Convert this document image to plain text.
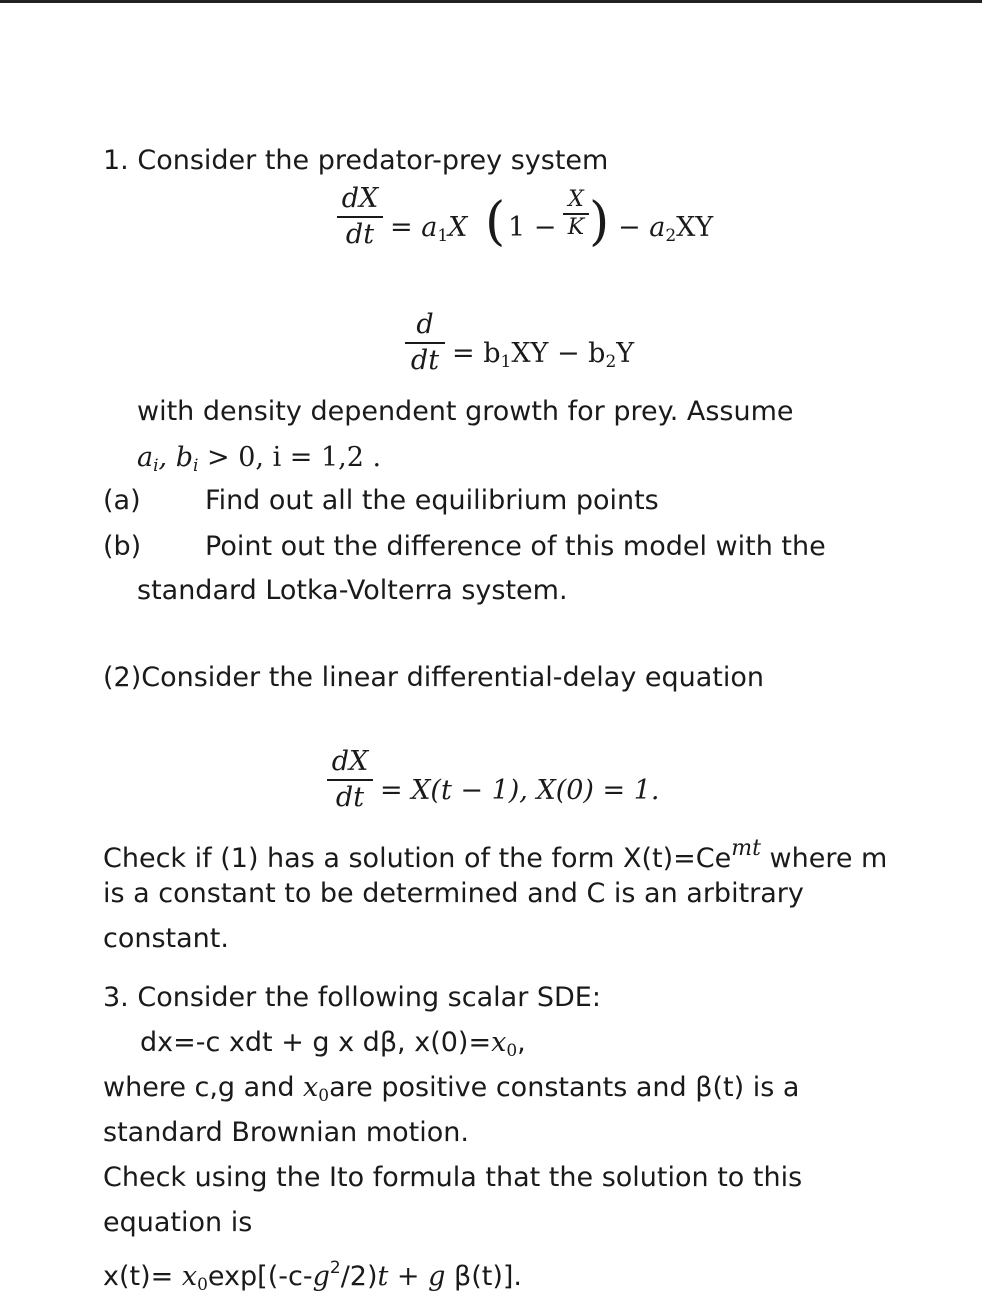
1. Consider the predator-prey system
dX
dt = $a_1X$ ( 1 −
X
K ) − $a_2XY$
d
dt = $b_1XY - b_2Y$
with density dependent growth for prey. Assume
$a_i$, $b_i > 0$, i = 1,2 .
(a) Find out all the equilibrium points
(b) Point out the difference of this model with the
standard Lotka-Volterra system.
(2)Consider the linear differential-delay equation
dX
dt = X(t − 1), X(0) = 1.
Check if (1) has a solution of the form $X(t)=Ce^{mt}$ where m
is a constant to be determined and C is an arbitrary
constant.
3. Consider the following scalar SDE:
dx=-c xdt + g x dβ, $x(0)=x_0$,
where c,g and $x_0are$ positive constants and β(t) is a
standard Brownian motion.
Check using the Ito formula that the solution to this
equation is
$x(t)= x_0\exp[(-c-g^2/2)t + g$ β(t)].
